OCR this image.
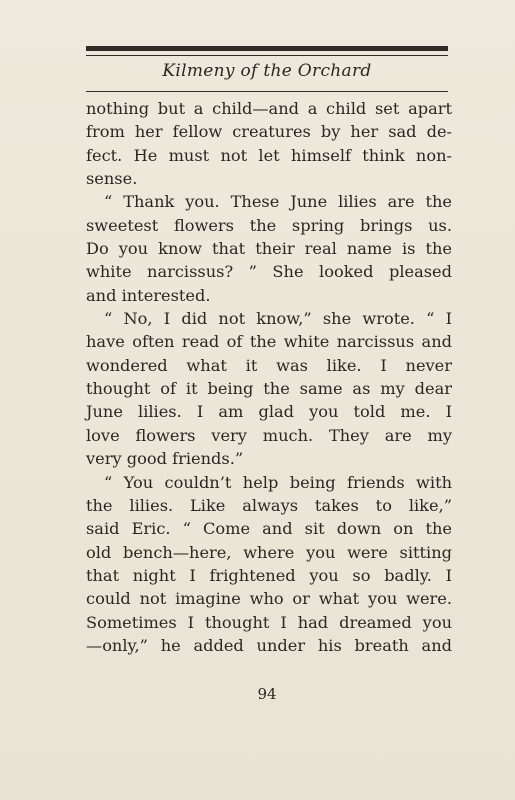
Kilmeny of the Orchard
nothing but a child—and a child set apart
from her fellow creatures by her sad de-
fect. He must not let himself think non-
sense.
“ Thank you. These June lilies are the
sweetest flowers the spring brings us.
Do you know that their real name is the
white narcissus? ” She looked pleased
and interested.
“ No, I did not know,” she wrote. “ I
have often read of the white narcissus and
wondered what it was like. I never
thought of it being the same as my dear
June lilies. I am glad you told me. I
love flowers very much. They are my
very good friends.”
“ You couldn’t help being friends with
the lilies. Like always takes to like,”
said Eric. “ Come and sit down on the
old bench—here, where you were sitting
that night I frightened you so badly. I
could not imagine who or what you were.
Sometimes I thought I had dreamed you
—only,” he added under his breath and
94
